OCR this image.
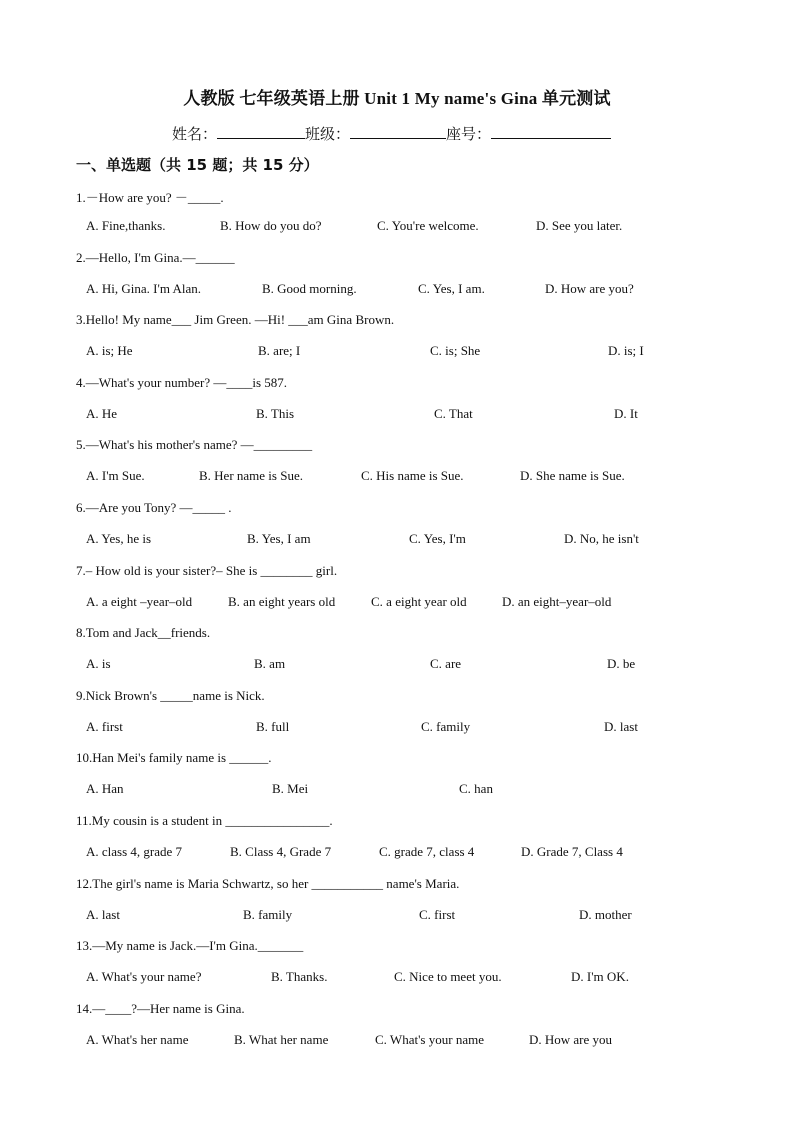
人教版 七年级英语上册 Unit 1 My name's Gina 单元测试
姓名：	班级：	座号：
一、单选题（共 15 题；共 15 分）
1.－How are you? －_____.
A. Fine,thanks.	B. How do you do?	C. You're welcome.	D. See you later.
2.—Hello, I'm Gina.—______
A. Hi, Gina. I'm Alan.	B. Good morning.	C. Yes, I am.	D. How are you?
3.Hello! My name___ Jim Green. —Hi! ___am Gina Brown.
A. is; He	B. are; I	C. is; She	D. is; I
4.—What's your number? —____is 587.
A. He	B. This	C. That	D. It
5.—What's his mother's name? —_________
A. I'm Sue.	B. Her name is Sue.	C. His name is Sue.	D. She name is Sue.
6.—Are you Tony? —_____ .
A. Yes, he is	B. Yes, I am	C. Yes, I'm	D. No, he isn't
7.– How old is your sister?– She is ________ girl.
A. a eight –year–old	B. an eight years old	C. a eight year old	D. an eight–year–old
8.Tom and Jack__friends.
A. is	B. am	C. are	D. be
9.Nick Brown's _____name is Nick.
A. first	B. full	C. family	D. last
10.Han Mei's family name is ______.
A. Han	B. Mei	C. han
11.My cousin is a student in ________________.
A. class 4, grade 7	B. Class 4, Grade 7	C. grade 7, class 4	D. Grade 7, Class 4
12.The girl's name is Maria Schwartz, so her ___________ name's Maria.
A. last	B. family	C. first	D. mother
13.—My name is Jack.—I'm Gina._______
A. What's your name?	B. Thanks.	C. Nice to meet you.	D. I'm OK.
14.—____?—Her name is Gina.
A. What's her name	B. What her name	C. What's your name	D. How are you
